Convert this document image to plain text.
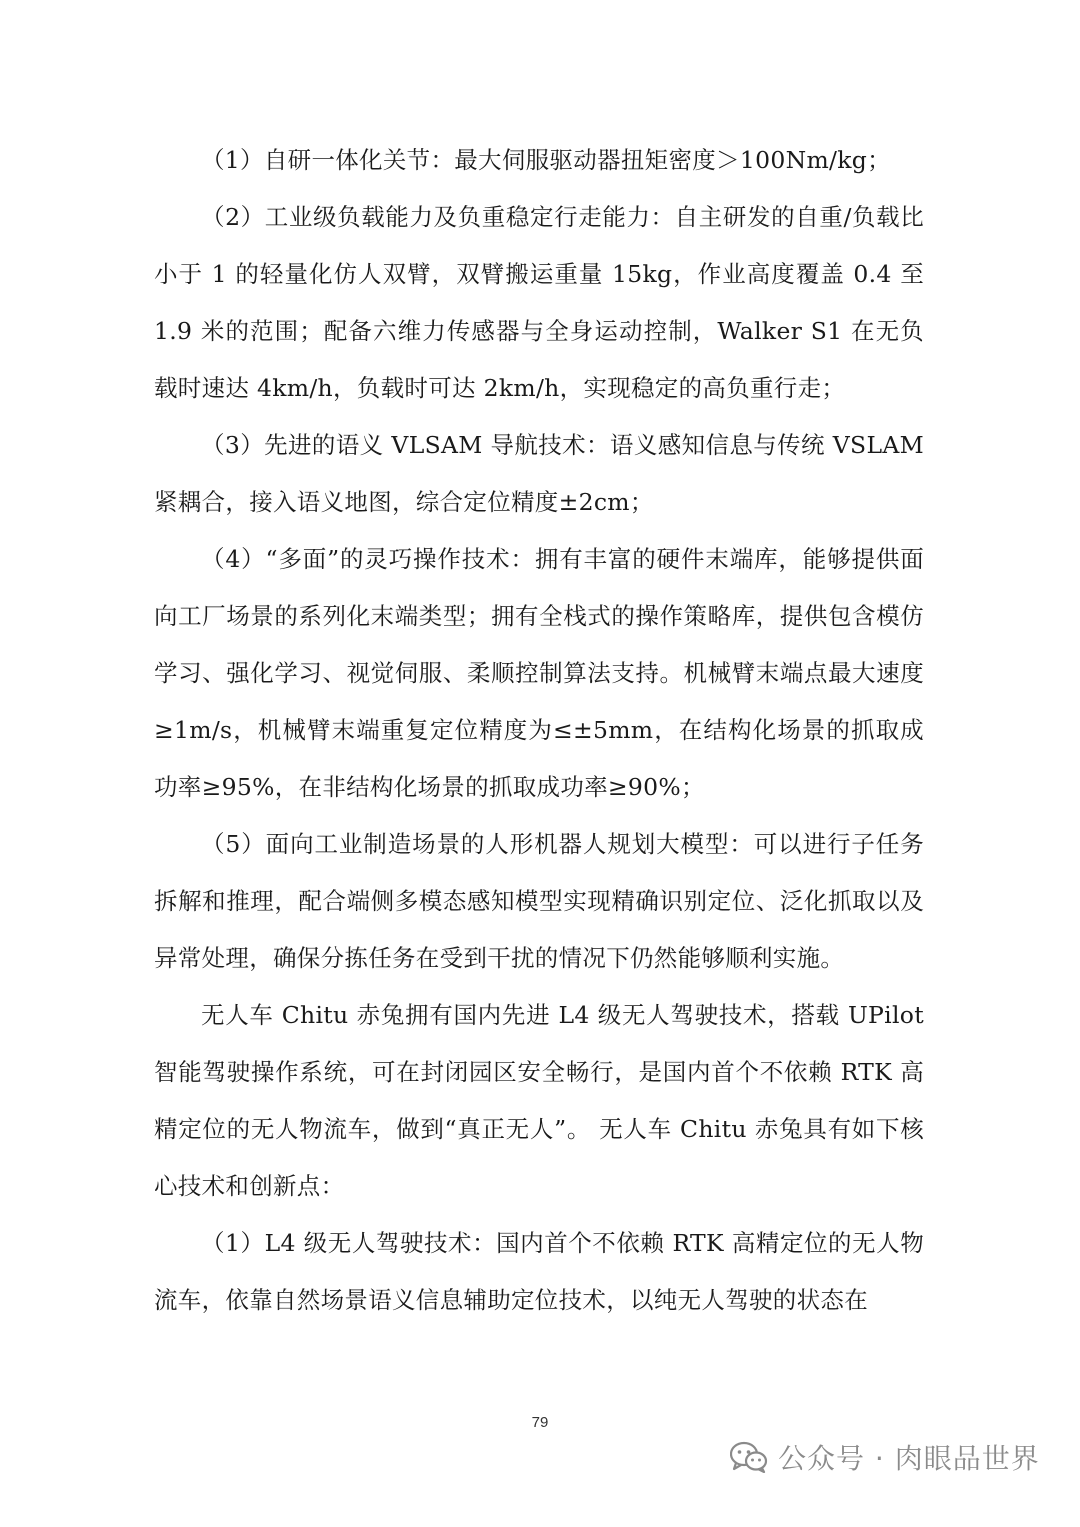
（1）自研一体化关节：最大伺服驱动器扭矩密度＞100Nm/kg；

（2）工业级负载能力及负重稳定行走能力：自主研发的自重/负载比小于 1 的轻量化仿人双臂，双臂搬运重量 15kg，作业高度覆盖 0.4 至 1.9 米的范围；配备六维力传感器与全身运动控制，Walker S1 在无负载时速达 4km/h，负载时可达 2km/h，实现稳定的高负重行走；

（3）先进的语义 VLSAM 导航技术：语义感知信息与传统 VSLAM 紧耦合，接入语义地图，综合定位精度±2cm；

（4）“多面”的灵巧操作技术：拥有丰富的硬件末端库，能够提供面向工厂场景的系列化末端类型；拥有全栈式的操作策略库，提供包含模仿学习、强化学习、视觉伺服、柔顺控制算法支持。机械臂末端点最大速度≥1m/s，机械臂末端重复定位精度为≤±5mm，在结构化场景的抓取成功率≥95%，在非结构化场景的抓取成功率≥90%；

（5）面向工业制造场景的人形机器人规划大模型：可以进行子任务拆解和推理，配合端侧多模态感知模型实现精确识别定位、泛化抓取以及异常处理，确保分拣任务在受到干扰的情况下仍然能够顺利实施。

无人车 Chitu 赤兔拥有国内先进 L4 级无人驾驶技术，搭载 UPilot 智能驾驶操作系统，可在封闭园区安全畅行，是国内首个不依赖 RTK 高精定位的无人物流车，做到“真正无人”。 无人车 Chitu 赤兔具有如下核心技术和创新点：

（1）L4 级无人驾驶技术：国内首个不依赖 RTK 高精定位的无人物流车，依靠自然场景语义信息辅助定位技术，以纯无人驾驶的状态在

79
公众号 · 肉眼品世界
